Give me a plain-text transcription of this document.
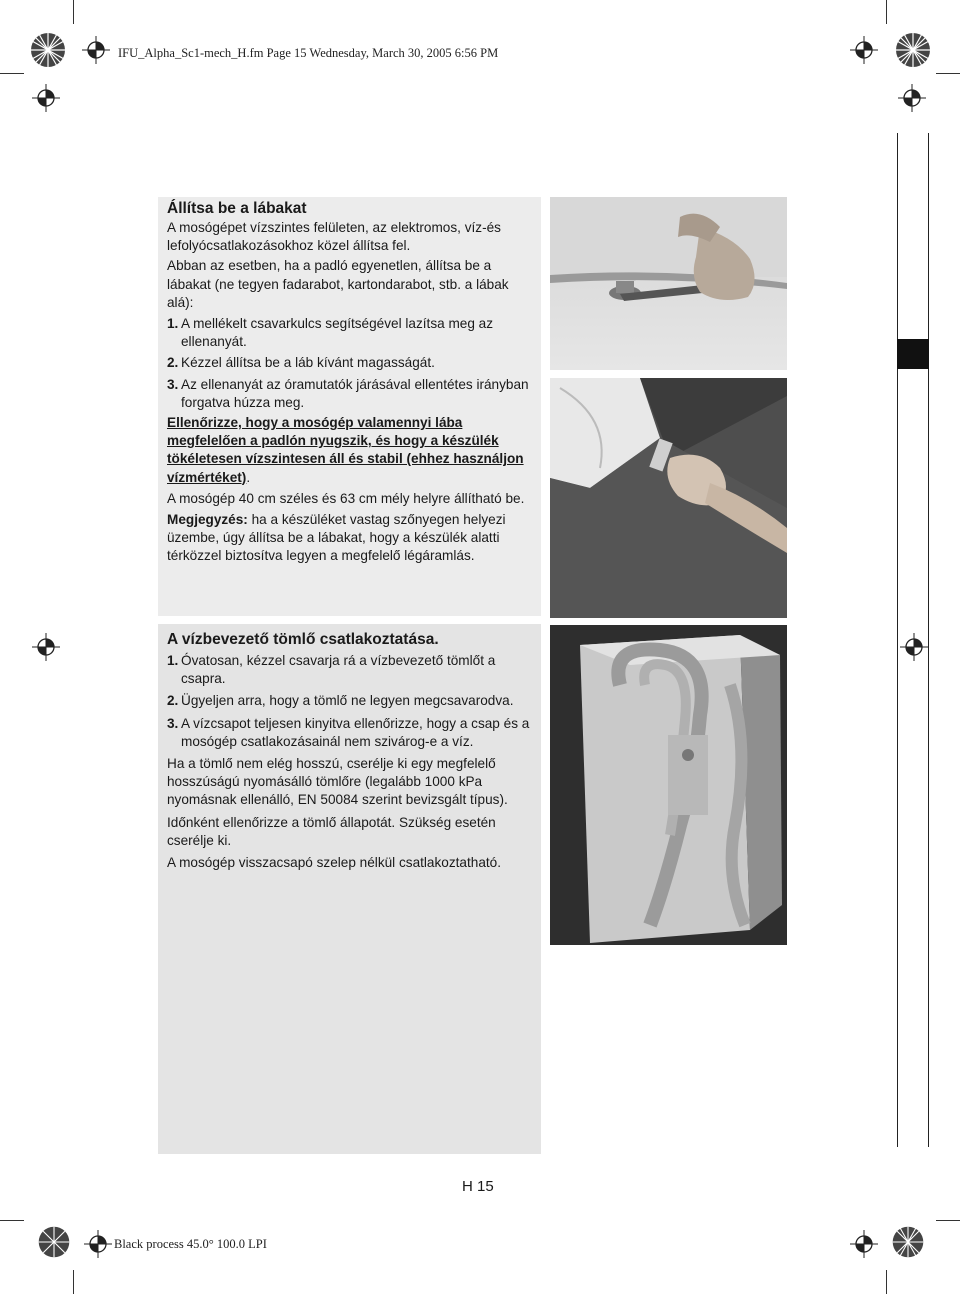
IFU_Alpha_Sc1-mech_H.fm Page 15 Wednesday, March 30, 2005 6:56 PM
Black process 45.0° 100.0 LPI
Állítsa be a lábakat

A mosógépet vízszintes felületen, az elektromos, víz-és lefolyócsatlakozásokhoz közel állítsa fel.

Abban az esetben, ha a padló egyenetlen, állítsa be a lábakat (ne tegyen fadarabot, kartondarabot, stb. a lábak alá):

1. A mellékelt csavarkulcs segítségével lazítsa meg az ellenanyát.
2. Kézzel állítsa be a láb kívánt magasságát.
3. Az ellenanyát az óramutatók járásával ellentétes irányban forgatva húzza meg.

Ellenőrizze, hogy a mosógép valamennyi lába megfelelően a padlón nyugszik, és hogy a készülék tökéletesen vízszintesen áll és stabil (ehhez használjon vízmértéket).

A mosógép 40 cm széles és 63 cm mély helyre állítható be.

Megjegyzés: ha a készüléket vastag szőnyegen helyezi üzembe, úgy állítsa be a lábakat, hogy a készülék alatti térközzel biztosítva legyen a megfelelő légáramlás.

A vízbevezető tömlő csatlakoztatása.
1. Óvatosan, kézzel csavarja rá a vízbevezető tömlőt a csapra.
2. Ügyeljen arra, hogy a tömlő ne legyen megcsavarodva.
3. A vízcsapot teljesen kinyitva ellenőrizze, hogy a csap és a mosógép csatlakozásainál nem szivárog-e a víz.

Ha a tömlő nem elég hosszú, cserélje ki egy megfelelő hosszúságú nyomásálló tömlőre (legalább 1000 kPa nyomásnak ellenálló, EN 50084 szerint bevizsgált típus).

Időnként ellenőrizze a tömlő állapotát. Szükség esetén cserélje ki.

A mosógép visszacsapó szelep nélkül csatlakoztatható.

H 15
